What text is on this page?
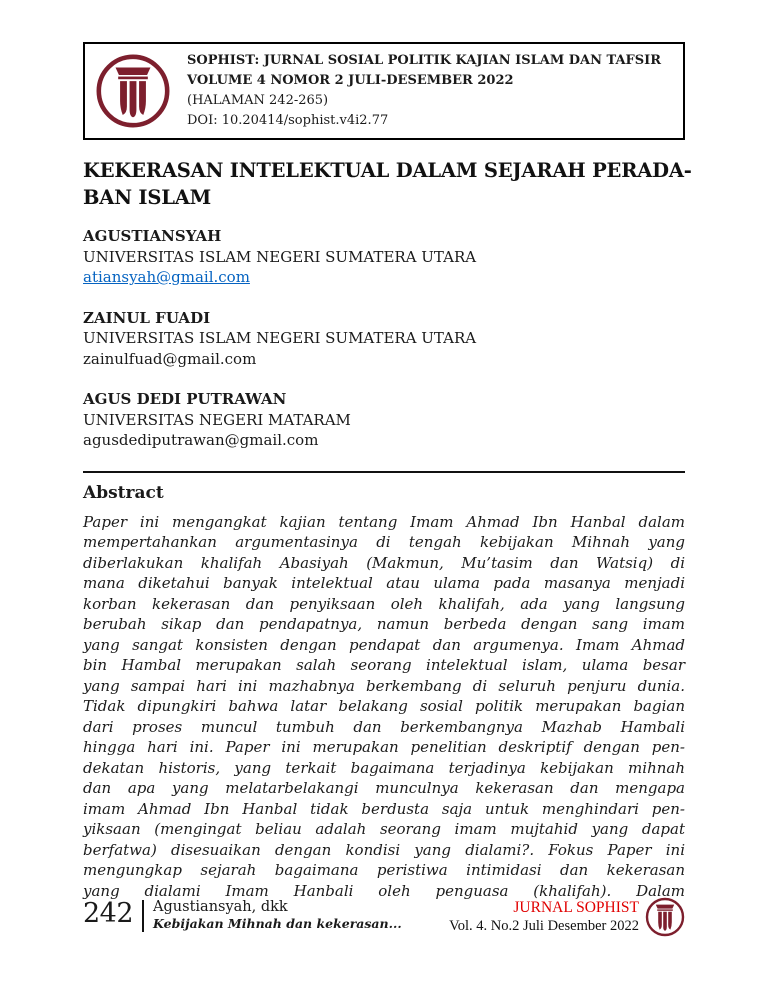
SOPHIST: JURNAL SOSIAL POLITIK KAJIAN ISLAM DAN TAFSIR
VOLUME 4 NOMOR 2 JULI-DESEMBER 2022
(HALAMAN 242-265)
DOI: 10.20414/sophist.v4i2.77
KEKERASAN INTELEKTUAL DALAM SEJARAH PERADA-
BAN ISLAM
AGUSTIANSYAH
UNIVERSITAS ISLAM NEGERI SUMATERA UTARA
atiansyah@gmail.com
ZAINUL FUADI
UNIVERSITAS ISLAM NEGERI SUMATERA UTARA
zainulfuad@gmail.com
AGUS DEDI PUTRAWAN
UNIVERSITAS NEGERI MATARAM
agusdediputrawan@gmail.com
Abstract
Paper ini mengangkat kajian tentang Imam Ahmad Ibn Hanbal dalam
mempertahankan argumentasinya di tengah kebijakan Mihnah yang
diberlakukan khalifah Abasiyah (Makmun, Mu’tasim dan Watsiq) di
mana diketahui banyak intelektual atau ulama pada masanya menjadi
korban kekerasan dan penyiksaan oleh khalifah, ada yang langsung
berubah sikap dan pendapatnya, namun berbeda dengan sang imam
yang sangat konsisten dengan pendapat dan argumenya. Imam Ahmad
bin Hambal merupakan salah seorang intelektual islam, ulama besar
yang sampai hari ini mazhabnya berkembang di seluruh penjuru dunia.
Tidak dipungkiri bahwa latar belakang sosial politik merupakan bagian
dari proses muncul tumbuh dan berkembangnya Mazhab Hambali
hingga hari ini. Paper ini merupakan penelitian deskriptif dengan pen-
dekatan historis, yang terkait bagaimana terjadinya kebijakan mihnah
dan apa yang melatarbelakangi munculnya kekerasan dan mengapa
imam Ahmad Ibn Hanbal tidak berdusta saja untuk menghindari pen-
yiksaan (mengingat beliau adalah seorang imam mujtahid yang dapat
berfatwa) disesuaikan dengan kondisi yang dialami?. Fokus Paper ini
mengungkap sejarah bagaimana peristiwa intimidasi dan kekerasan
yang dialami Imam Hanbali oleh penguasa (khalifah). Dalam
242 Agustiansyah, dkk
Kebijakan Mihnah dan kekerasan...
JURNAL SOPHIST
Vol. 4. No.2 Juli Desember 2022
